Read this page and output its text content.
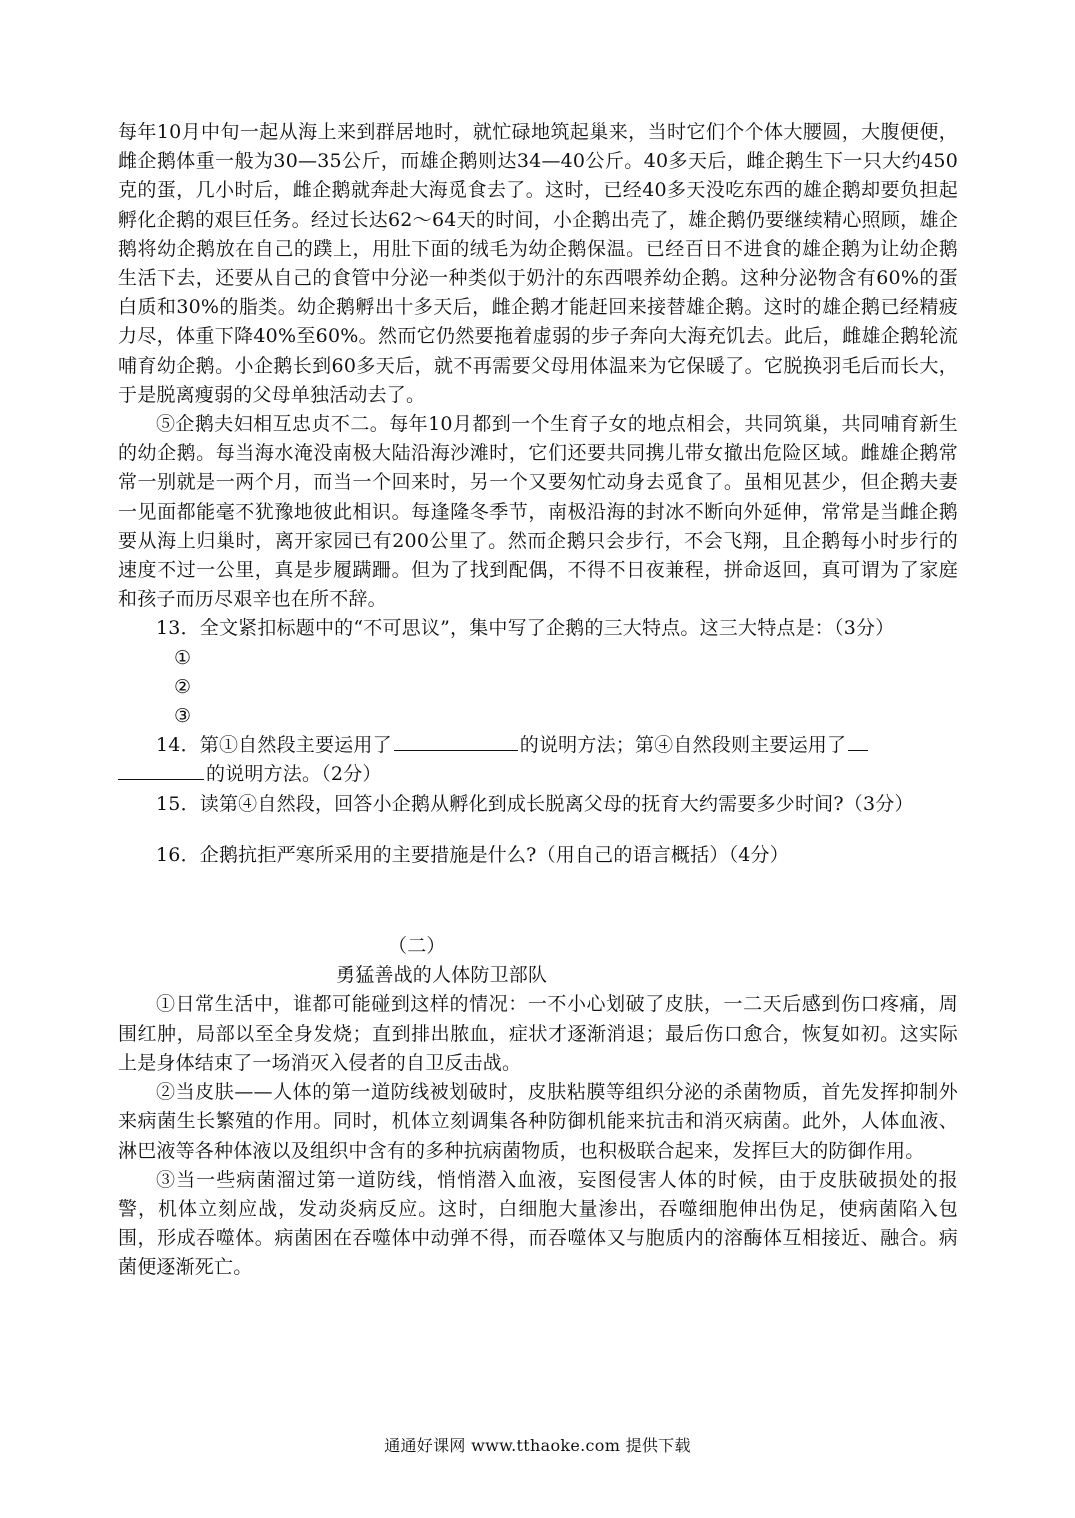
每年10月中旬一起从海上来到群居地时，就忙碌地筑起巢来，当时它们个个体大腰圆，大腹便便，雌企鹅体重一般为30—35公斤，而雄企鹅则达34—40公斤。40多天后，雌企鹅生下一只大约450克的蛋，几小时后，雌企鹅就奔赴大海觅食去了。这时，已经40多天没吃东西的雄企鹅却要负担起孵化企鹅的艰巨任务。经过长达62～64天的时间，小企鹅出壳了，雄企鹅仍要继续精心照顾，雄企鹅将幼企鹅放在自己的蹼上，用肚下面的绒毛为幼企鹅保温。已经百日不进食的雄企鹅为让幼企鹅生活下去，还要从自己的食管中分泌一种类似于奶汁的东西喂养幼企鹅。这种分泌物含有60%的蛋白质和30%的脂类。幼企鹅孵出十多天后，雌企鹅才能赶回来接替雄企鹅。这时的雄企鹅已经精疲力尽，体重下降40%至60%。然而它仍然要拖着虚弱的步子奔向大海充饥去。此后，雌雄企鹅轮流哺育幼企鹅。小企鹅长到60多天后，就不再需要父母用体温来为它保暖了。它脱换羽毛后而长大，于是脱离瘦弱的父母单独活动去了。

⑤企鹅夫妇相互忠贞不二。每年10月都到一个生育子女的地点相会，共同筑巢，共同哺育新生的幼企鹅。每当海水淹没南极大陆沿海沙滩时，它们还要共同携儿带女撤出危险区域。雌雄企鹅常常一别就是一两个月，而当一个回来时，另一个又要匆忙动身去觅食了。虽相见甚少，但企鹅夫妻一见面都能毫不犹豫地彼此相识。每逢隆冬季节，南极沿海的封冰不断向外延伸，常常是当雌企鹅要从海上归巢时，离开家园已有200公里了。然而企鹅只会步行，不会飞翔，且企鹅每小时步行的速度不过一公里，真是步履蹒跚。但为了找到配偶，不得不日夜兼程，拼命返回，真可谓为了家庭和孩子而历尽艰辛也在所不辞。

13．全文紧扣标题中的“不可思议”，集中写了企鹅的三大特点。这三大特点是：（3分）

①

②

③

14．第①自然段主要运用了	的说明方法；第④自然段则主要运用了

的说明方法。（2分）

15．读第④自然段，回答小企鹅从孵化到成长脱离父母的抚育大约需要多少时间?（3分）

16．企鹅抗拒严寒所采用的主要措施是什么?（用自己的语言概括）（4分）

（二）

勇猛善战的人体防卫部队

①日常生活中，谁都可能碰到这样的情况：一不小心划破了皮肤，一二天后感到伤口疼痛，周围红肿，局部以至全身发烧；直到排出脓血，症状才逐渐消退；最后伤口愈合，恢复如初。这实际上是身体结束了一场消灭入侵者的自卫反击战。

②当皮肤——人体的第一道防线被划破时，皮肤粘膜等组织分泌的杀菌物质，首先发挥抑制外来病菌生长繁殖的作用。同时，机体立刻调集各种防御机能来抗击和消灭病菌。此外，人体血液、淋巴液等各种体液以及组织中含有的多种抗病菌物质，也积极联合起来，发挥巨大的防御作用。

③当一些病菌溜过第一道防线，悄悄潜入血液，妄图侵害人体的时候，由于皮肤破损处的报警，机体立刻应战，发动炎病反应。这时，白细胞大量渗出，吞噬细胞伸出伪足，使病菌陷入包围，形成吞噬体。病菌困在吞噬体中动弹不得，而吞噬体又与胞质内的溶酶体互相接近、融合。病菌便逐渐死亡。

通通好课网 www.tthaoke.com 提供下载
